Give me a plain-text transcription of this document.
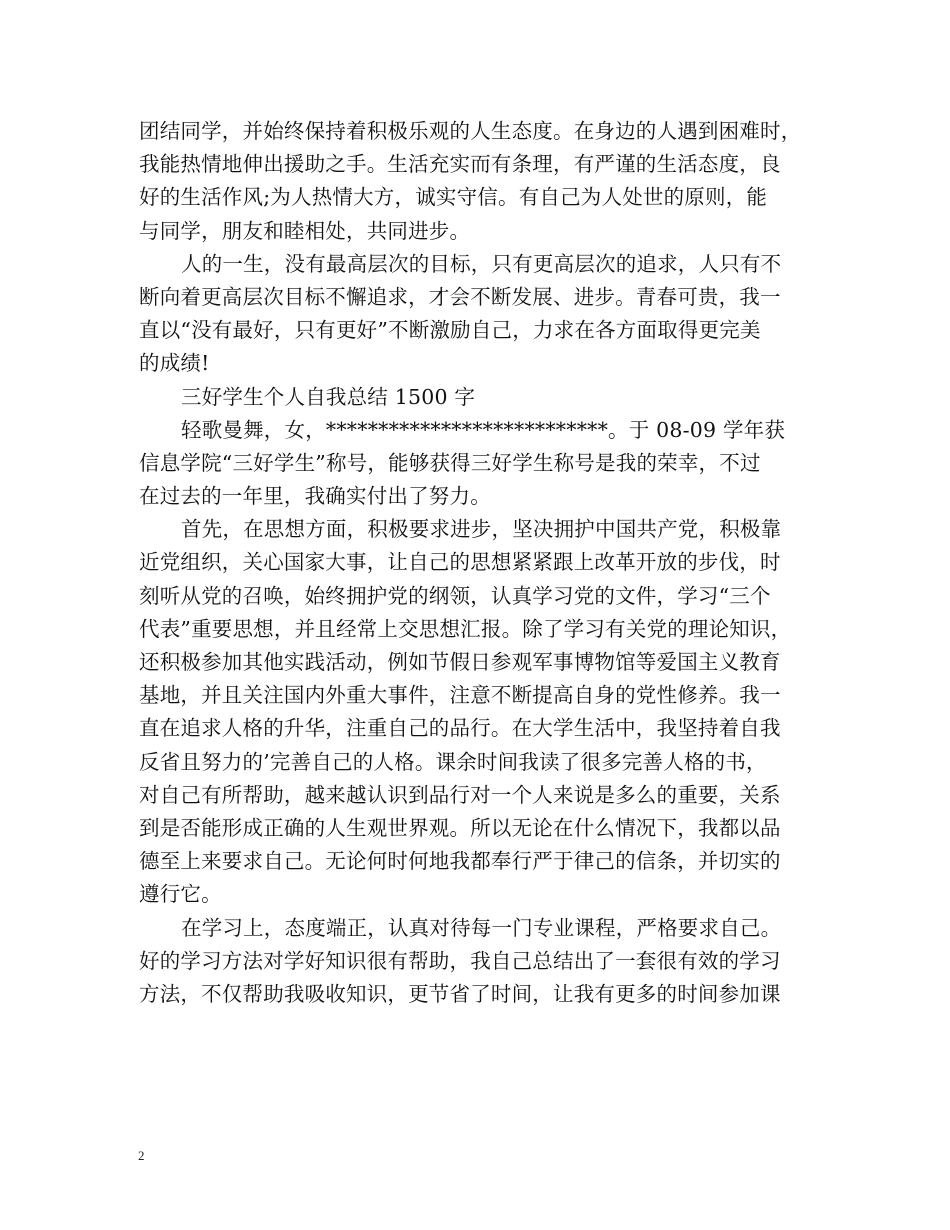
团结同学，并始终保持着积极乐观的人生态度。在身边的人遇到困难时，
我能热情地伸出援助之手。生活充实而有条理，有严谨的生活态度，良
好的生活作风;为人热情大方，诚实守信。有自己为人处世的原则，能
与同学，朋友和睦相处，共同进步。
人的一生，没有最高层次的目标，只有更高层次的追求，人只有不
断向着更高层次目标不懈追求，才会不断发展、进步。青春可贵，我一
直以“没有最好，只有更好”不断激励自己，力求在各方面取得更完美
的成绩!
三好学生个人自我总结 1500 字
轻歌曼舞，女，***************************。于 08-09 学年获
信息学院“三好学生”称号，能够获得三好学生称号是我的荣幸，不过
在过去的一年里，我确实付出了努力。
首先，在思想方面，积极要求进步，坚决拥护中国共产党，积极靠
近党组织，关心国家大事，让自己的思想紧紧跟上改革开放的步伐，时
刻听从党的召唤，始终拥护党的纲领，认真学习党的文件，学习“三个
代表”重要思想，并且经常上交思想汇报。除了学习有关党的理论知识，
还积极参加其他实践活动，例如节假日参观军事博物馆等爱国主义教育
基地，并且关注国内外重大事件，注意不断提高自身的党性修养。我一
直在追求人格的升华，注重自己的品行。在大学生活中，我坚持着自我
反省且努力的’完善自己的人格。课余时间我读了很多完善人格的书，
对自己有所帮助，越来越认识到品行对一个人来说是多么的重要，关系
到是否能形成正确的人生观世界观。所以无论在什么情况下，我都以品
德至上来要求自己。无论何时何地我都奉行严于律己的信条，并切实的
遵行它。
在学习上，态度端正，认真对待每一门专业课程，严格要求自己。
好的学习方法对学好知识很有帮助，我自己总结出了一套很有效的学习
方法，不仅帮助我吸收知识，更节省了时间，让我有更多的时间参加课
2
